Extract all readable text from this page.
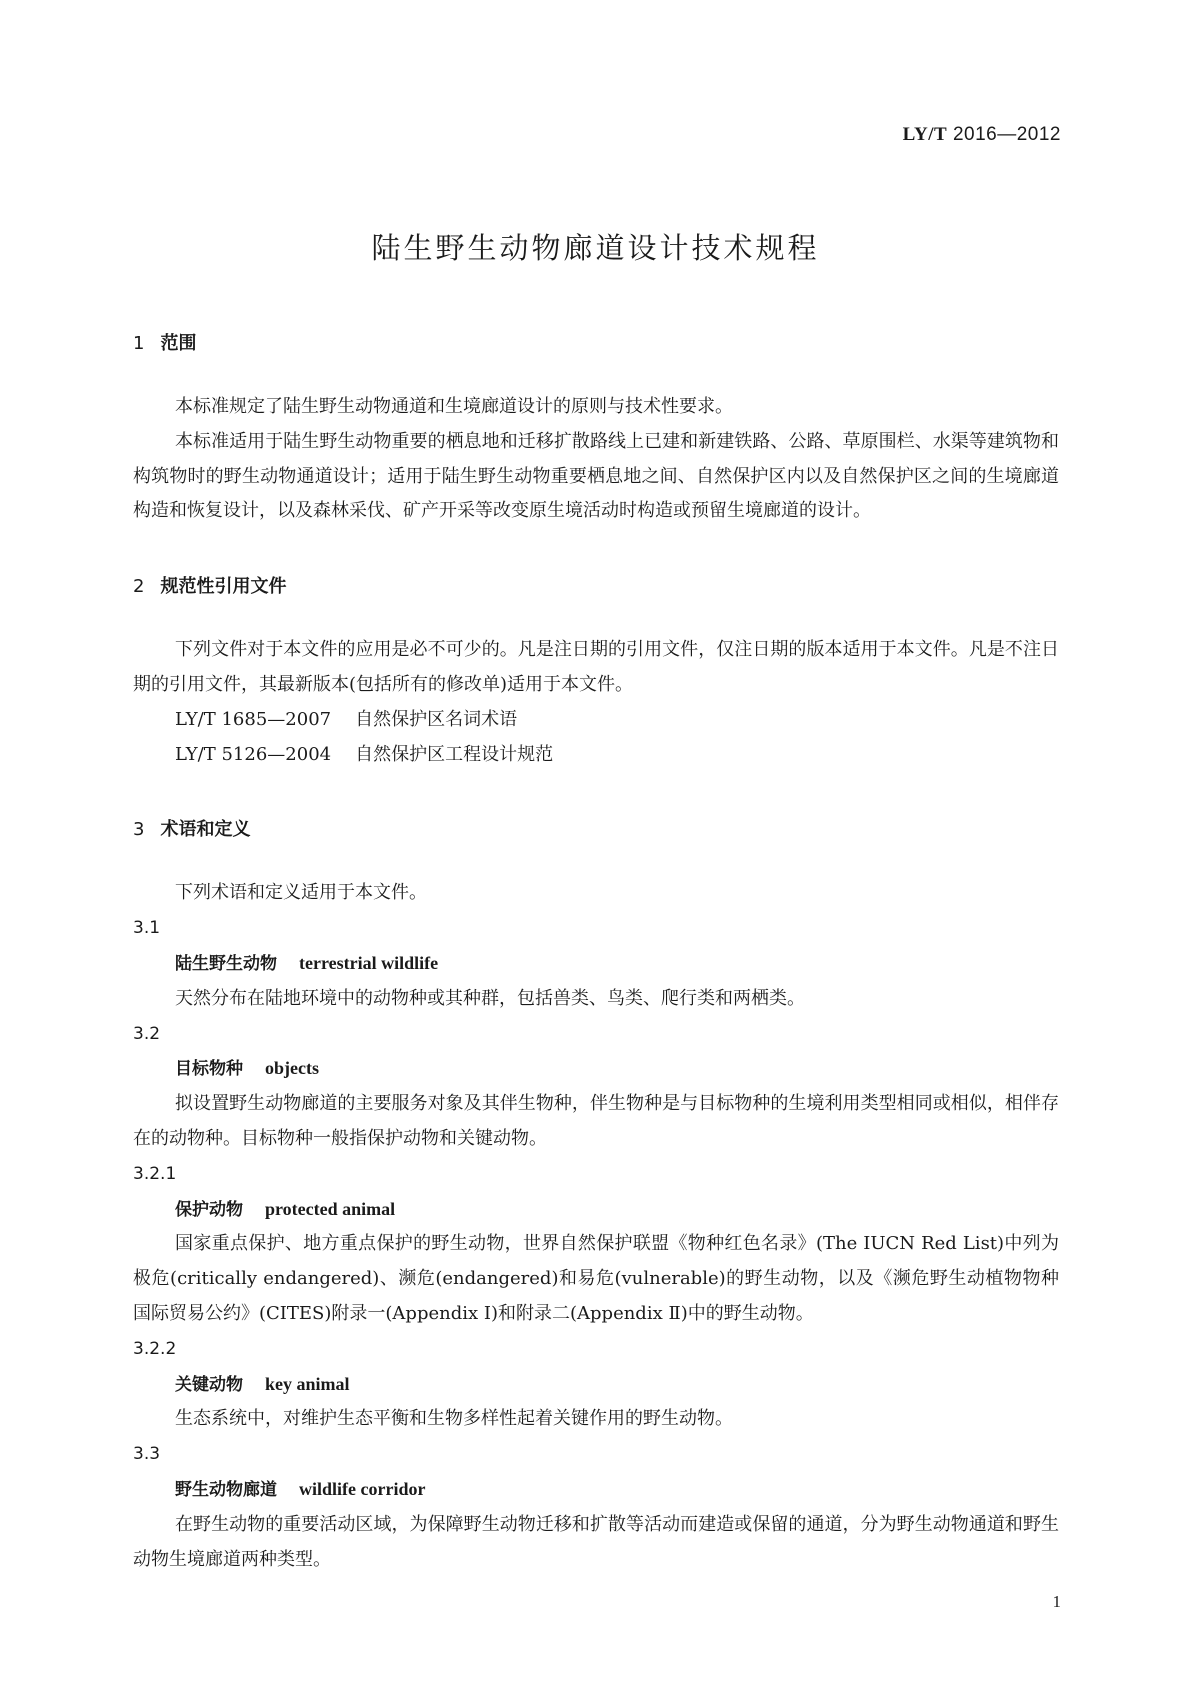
LY/T 2016—2012
陆生野生动物廊道设计技术规程

1 范围

本标准规定了陆生野生动物通道和生境廊道设计的原则与技术性要求。

本标准适用于陆生野生动物重要的栖息地和迁移扩散路线上已建和新建铁路、公路、草原围栏、水渠等建筑物和构筑物时的野生动物通道设计；适用于陆生野生动物重要栖息地之间、自然保护区内以及自然保护区之间的生境廊道构造和恢复设计，以及森林采伐、矿产开采等改变原生境活动时构造或预留生境廊道的设计。

2 规范性引用文件

下列文件对于本文件的应用是必不可少的。凡是注日期的引用文件，仅注日期的版本适用于本文件。凡是不注日期的引用文件，其最新版本(包括所有的修改单)适用于本文件。

LY/T 1685—2007 自然保护区名词术语

LY/T 5126—2004 自然保护区工程设计规范

3 术语和定义

下列术语和定义适用于本文件。

3.1

陆生野生动物 terrestrial wildlife

天然分布在陆地环境中的动物种或其种群，包括兽类、鸟类、爬行类和两栖类。

3.2

目标物种 objects

拟设置野生动物廊道的主要服务对象及其伴生物种，伴生物种是与目标物种的生境利用类型相同或相似，相伴存在的动物种。目标物种一般指保护动物和关键动物。

3.2.1

保护动物 protected animal

国家重点保护、地方重点保护的野生动物，世界自然保护联盟《物种红色名录》(The IUCN Red List)中列为极危(critically endangered)、濒危(endangered)和易危(vulnerable)的野生动物，以及《濒危野生动植物物种国际贸易公约》(CITES)附录一(Appendix Ⅰ)和附录二(Appendix Ⅱ)中的野生动物。

3.2.2

关键动物 key animal

生态系统中，对维护生态平衡和生物多样性起着关键作用的野生动物。

3.3

野生动物廊道 wildlife corridor

在野生动物的重要活动区域，为保障野生动物迁移和扩散等活动而建造或保留的通道，分为野生动物通道和野生动物生境廊道两种类型。

1
